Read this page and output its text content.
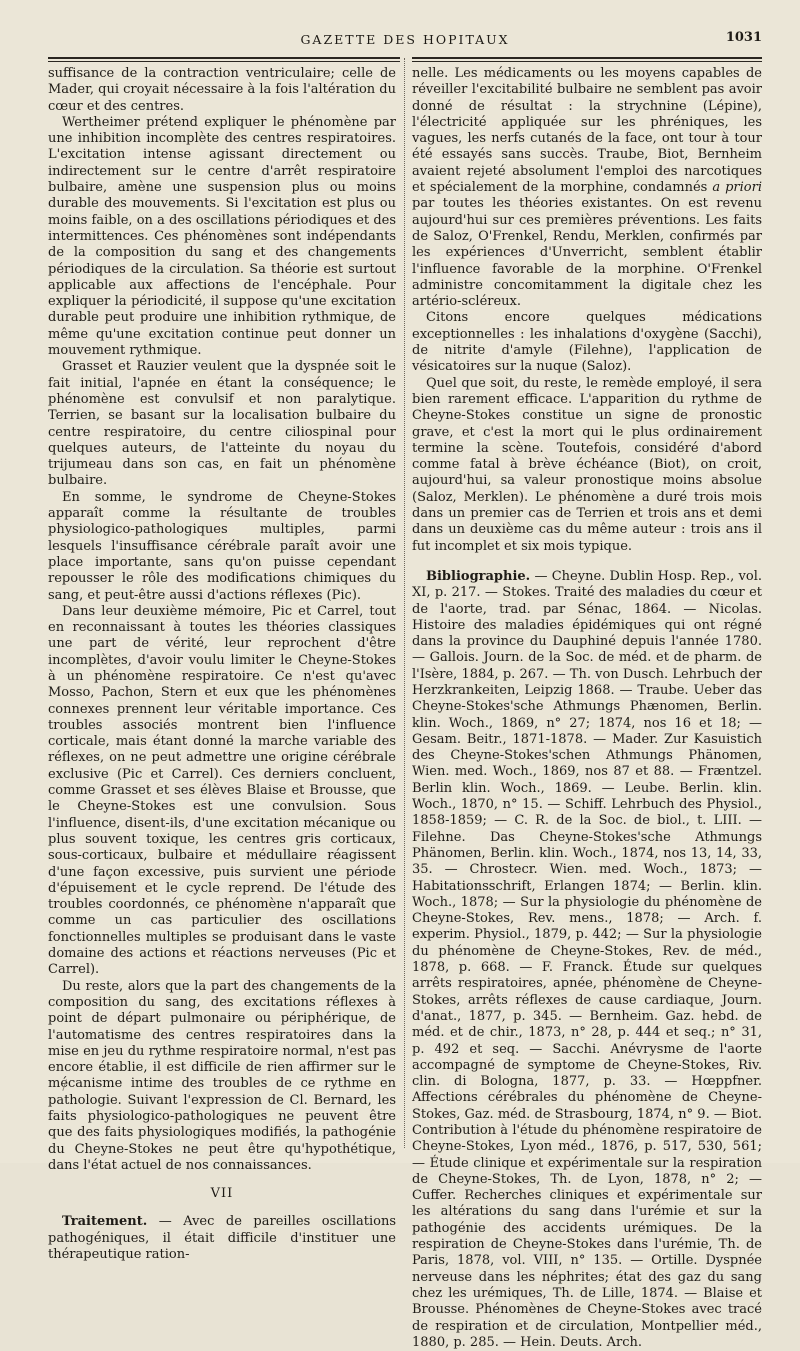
GAZETTE DES HOPITAUX	1031

suffisance de la contraction ventriculaire; celle de Mader, qui croyait nécessaire à la fois l'altération du cœur et des centres.

Wertheimer prétend expliquer le phénomène par une inhibition incomplète des centres respiratoires. L'excitation intense agissant directement ou indirectement sur le centre d'arrêt respiratoire bulbaire, amène une suspension plus ou moins durable des mouvements. Si l'excitation est plus ou moins faible, on a des oscillations périodiques et des intermittences. Ces phénomènes sont indépendants de la composition du sang et des changements périodiques de la circulation. Sa théorie est surtout applicable aux affections de l'encéphale. Pour expliquer la périodicité, il suppose qu'une excitation durable peut produire une inhibition rythmique, de même qu'une excitation continue peut donner un mouvement rythmique.

Grasset et Rauzier veulent que la dyspnée soit le fait initial, l'apnée en étant la conséquence; le phénomène est convulsif et non paralytique. Terrien, se basant sur la localisation bulbaire du centre respiratoire, du centre ciliospinal pour quelques auteurs, de l'atteinte du noyau du trijumeau dans son cas, en fait un phénomène bulbaire.

En somme, le syndrome de Cheyne-Stokes apparaît comme la résultante de troubles physiologico-pathologiques multiples, parmi lesquels l'insuffisance cérébrale paraît avoir une place importante, sans qu'on puisse cependant repousser le rôle des modifications chimiques du sang, et peut-être aussi d'actions réflexes (Pic).

Dans leur deuxième mémoire, Pic et Carrel, tout en reconnaissant à toutes les théories classiques une part de vérité, leur reprochent d'être incomplètes, d'avoir voulu limiter le Cheyne-Stokes à un phénomène respiratoire. Ce n'est qu'avec Mosso, Pachon, Stern et eux que les phénomènes connexes prennent leur véritable importance. Ces troubles associés montrent bien l'influence corticale, mais étant donné la marche variable des réflexes, on ne peut admettre une origine cérébrale exclusive (Pic et Carrel). Ces derniers concluent, comme Grasset et ses élèves Blaise et Brousse, que le Cheyne-Stokes est une convulsion. Sous l'influence, disent-ils, d'une excitation mécanique ou plus souvent toxique, les centres gris corticaux, sous-corticaux, bulbaire et médullaire réagissent d'une façon excessive, puis survient une période d'épuisement et le cycle reprend. De l'étude des troubles coordonnés, ce phénomène n'apparaît que comme un cas particulier des oscillations fonctionnelles multiples se produisant dans le vaste domaine des actions et réactions nerveuses (Pic et Carrel).

Du reste, alors que la part des changements de la composition du sang, des excitations réflexes à point de départ pulmonaire ou périphérique, de l'automatisme des centres respiratoires dans la mise en jeu du rythme respiratoire normal, n'est pas encore établie, il est difficile de rien affirmer sur le mécanisme intime des troubles de ce rythme en pathologie. Suivant l'expression de Cl. Bernard, les faits physiologico-pathologiques ne peuvent être que des faits physiologiques modifiés, la pathogénie du Cheyne-Stokes ne peut être qu'hypothétique, dans l'état actuel de nos connaissances.

VII

Traitement. — Avec de pareilles oscillations pathogéniques, il était difficile d'instituer une thérapeutique ration-

nelle. Les médicaments ou les moyens capables de réveiller l'excitabilité bulbaire ne semblent pas avoir donné de résultat : la strychnine (Lépine), l'électricité appliquée sur les phréniques, les vagues, les nerfs cutanés de la face, ont tour à tour été essayés sans succès. Traube, Biot, Bernheim avaient rejeté absolument l'emploi des narcotiques et spécialement de la morphine, condamnés a priori par toutes les théories existantes. On est revenu aujourd'hui sur ces premières préventions. Les faits de Saloz, O'Frenkel, Rendu, Merklen, confirmés par les expériences d'Unverricht, semblent établir l'influence favorable de la morphine. O'Frenkel administre concomitamment la digitale chez les artério-scléreux.

Citons encore quelques médications exceptionnelles : les inhalations d'oxygène (Sacchi), de nitrite d'amyle (Filehne), l'application de vésicatoires sur la nuque (Saloz).

Quel que soit, du reste, le remède employé, il sera bien rarement efficace. L'apparition du rythme de Cheyne-Stokes constitue un signe de pronostic grave, et c'est la mort qui le plus ordinairement termine la scène. Toutefois, considéré d'abord comme fatal à brève échéance (Biot), on croit, aujourd'hui, sa valeur pronostique moins absolue (Saloz, Merklen). Le phénomène a duré trois mois dans un premier cas de Terrien et trois ans et demi dans un deuxième cas du même auteur : trois ans il fut incomplet et six mois typique.

Bibliographie. — Cheyne. Dublin Hosp. Rep., vol. XI, p. 217. — Stokes. Traité des maladies du cœur et de l'aorte, trad. par Sénac, 1864. — Nicolas. Histoire des maladies épidémiques qui ont régné dans la province du Dauphiné depuis l'année 1780. — Gallois. Journ. de la Soc. de méd. et de pharm. de l'Isère, 1884, p. 267. — Th. von Dusch. Lehrbuch der Herzkrankeiten, Leipzig 1868. — Traube. Ueber das Cheyne-Stokes'sche Athmungs Phænomen, Berlin. klin. Woch., 1869, n° 27; 1874, nos 16 et 18; — Gesam. Beitr., 1871-1878. — Mader. Zur Kasuistich des Cheyne-Stokes'schen Athmungs Phänomen, Wien. med. Woch., 1869, nos 87 et 88. — Fræntzel. Berlin klin. Woch., 1869. — Leube. Berlin. klin. Woch., 1870, n° 15. — Schiff. Lehrbuch des Physiol., 1858-1859; — C. R. de la Soc. de biol., t. LIII. — Filehne. Das Cheyne-Stokes'sche Athmungs Phänomen, Berlin. klin. Woch., 1874, nos 13, 14, 33, 35. — Chrostecr. Wien. med. Woch., 1873; — Habitationsschrift, Erlangen 1874; — Berlin. klin. Woch., 1878; — Sur la physiologie du phénomène de Cheyne-Stokes, Rev. mens., 1878; — Arch. f. experim. Physiol., 1879, p. 442; — Sur la physiologie du phénomène de Cheyne-Stokes, Rev. de méd., 1878, p. 668. — F. Franck. Étude sur quelques arrêts respiratoires, apnée, phénomène de Cheyne-Stokes, arrêts réflexes de cause cardiaque, Journ. d'anat., 1877, p. 345. — Bernheim. Gaz. hebd. de méd. et de chir., 1873, n° 28, p. 444 et seq.; n° 31, p. 492 et seq. — Sacchi. Anévrysme de l'aorte accompagné de symptome de Cheyne-Stokes, Riv. clin. di Bologna, 1877, p. 33. — Hœppfner. Affections cérébrales du phénomène de Cheyne-Stokes, Gaz. méd. de Strasbourg, 1874, n° 9. — Biot. Contribution à l'étude du phénomène respiratoire de Cheyne-Stokes, Lyon méd., 1876, p. 517, 530, 561; — Étude clinique et expérimentale sur la respiration de Cheyne-Stokes, Th. de Lyon, 1878, n° 2; — Cuffer. Recherches cliniques et expérimentale sur les altérations du sang dans l'urémie et sur la pathogénie des accidents urémiques. De la respiration de Cheyne-Stokes dans l'urémie, Th. de Paris, 1878, vol. VIII, n° 135. — Ortille. Dyspnée nerveuse dans les néphrites; état des gaz du sang chez les urémiques, Th. de Lille, 1874. — Blaise et Brousse. Phénomènes de Cheyne-Stokes avec tracé de respiration et de circulation, Montpellier méd., 1880, p. 285. — Hein. Deuts. Arch.
